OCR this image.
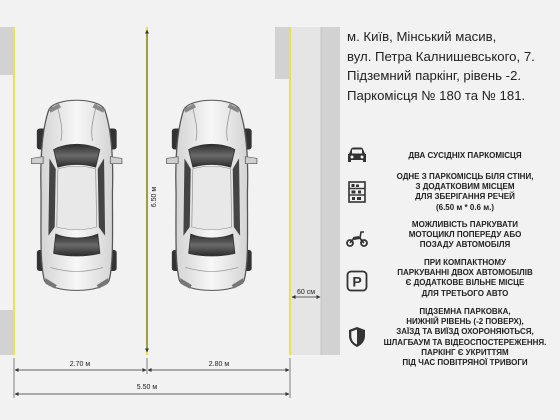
6.50 м
60 см
2.70 м	2.80 м
5.50 м
м. Київ, Мінський масив,
вул. Петра Калнишевського, 7.
Підземний паркінг, рівень -2.
Паркомісця № 180 та № 181.
ДВА СУСІДНІХ ПАРКОМІСЦЯ
ОДНЕ З ПАРКОМІСЦЬ БІЛЯ СТІНИ,
З ДОДАТКОВИМ МІСЦЕМ
ДЛЯ ЗБЕРІГАННЯ РЕЧЕЙ
(6.50 м * 0.6 м.)
МОЖЛИВІСТЬ ПАРКУВАТИ
МОТОЦИКЛ ПОПЕРЕДУ АБО
ПОЗАДУ АВТОМОБІЛЯ
P
ПРИ КОМПАКТНОМУ
ПАРКУВАННІ ДВОХ АВТОМОБІЛІВ
Є ДОДАТКОВЕ ВІЛЬНЕ МІСЦЕ
ДЛЯ ТРЕТЬОГО АВТО
ПІДЗЕМНА ПАРКОВКА,
НИЖНІЙ РІВЕНЬ (-2 ПОВЕРХ),
ЗАЇЗД ТА ВИЇЗД ОХОРОНЯЮТЬСЯ,
ШЛАГБАУМ ТА ВІДЕОСПОСТЕРЕЖЕННЯ.
ПАРКІНГ Є УКРИТТЯМ
ПІД ЧАС ПОВІТРЯНОЇ ТРИВОГИ
